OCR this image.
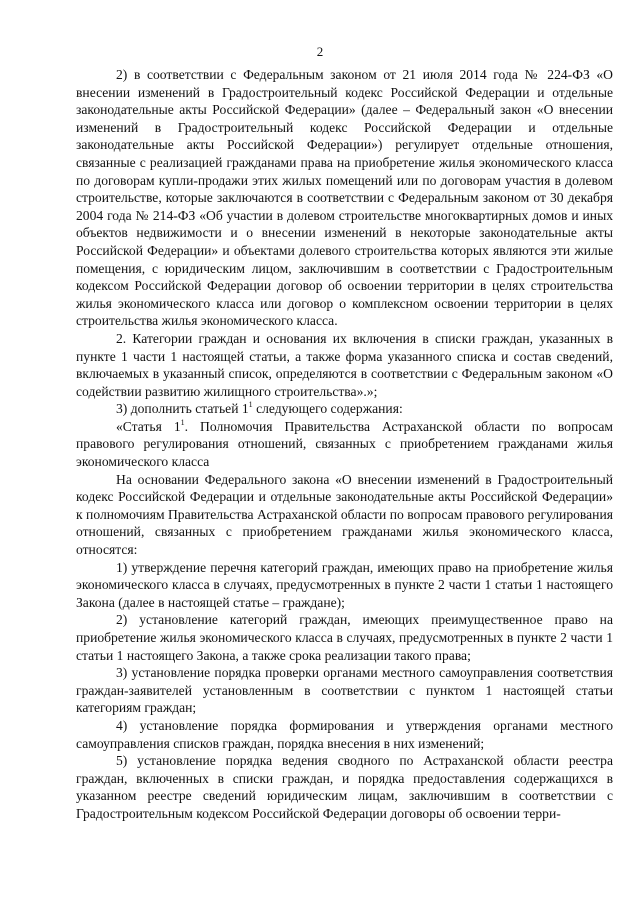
2

2) в соответствии с Федеральным законом от 21 июля 2014 года № 224-ФЗ «О внесении изменений в Градостроительный кодекс Российской Федерации и отдельные законодательные акты Российской Федерации» (далее – Федеральный закон «О внесении изменений в Градостроительный кодекс Российской Федерации и отдельные законодательные акты Российской Федерации») регулирует отдельные отношения, связанные с реализацией гражданами права на приобретение жилья экономического класса по договорам купли-продажи этих жилых помещений или по договорам участия в долевом строительстве, которые заключаются в соответствии с Федеральным законом от 30 декабря 2004 года № 214-ФЗ «Об участии в долевом строительстве многоквартирных домов и иных объектов недвижимости и о внесении изменений в некоторые законодательные акты Российской Федерации» и объектами долевого строительства которых являются эти жилые помещения, с юридическим лицом, заключившим в соответствии с Градостроительным кодексом Российской Федерации договор об освоении территории в целях строительства жилья экономического класса или договор о комплексном освоении территории в целях строительства жилья экономического класса.

2. Категории граждан и основания их включения в списки граждан, указанных в пункте 1 части 1 настоящей статьи, а также форма указанного списка и состав сведений, включаемых в указанный список, определяются в соответствии с Федеральным законом «О содействии развитию жилищного строительства».»;

3) дополнить статьей $1^1$ следующего содержания:

«Статья $1^1$. Полномочия Правительства Астраханской области по вопросам правового регулирования отношений, связанных с приобретением гражданами жилья экономического класса

На основании Федерального закона «О внесении изменений в Градостроительный кодекс Российской Федерации и отдельные законодательные акты Российской Федерации» к полномочиям Правительства Астраханской области по вопросам правового регулирования отношений, связанных с приобретением гражданами жилья экономического класса, относятся:

1) утверждение перечня категорий граждан, имеющих право на приобретение жилья экономического класса в случаях, предусмотренных в пункте 2 части 1 статьи 1 настоящего Закона (далее в настоящей статье – граждане);

2) установление категорий граждан, имеющих преимущественное право на приобретение жилья экономического класса в случаях, предусмотренных в пункте 2 части 1 статьи 1 настоящего Закона, а также срока реализации такого права;

3) установление порядка проверки органами местного самоуправления соответствия граждан-заявителей установленным в соответствии с пунктом 1 настоящей статьи категориям граждан;

4) установление порядка формирования и утверждения органами местного самоуправления списков граждан, порядка внесения в них изменений;

5) установление порядка ведения сводного по Астраханской области реестра граждан, включенных в списки граждан, и порядка предоставления содержащихся в указанном реестре сведений юридическим лицам, заключившим в соответствии с Градостроительным кодексом Российской Федерации договоры об освоении терри-
